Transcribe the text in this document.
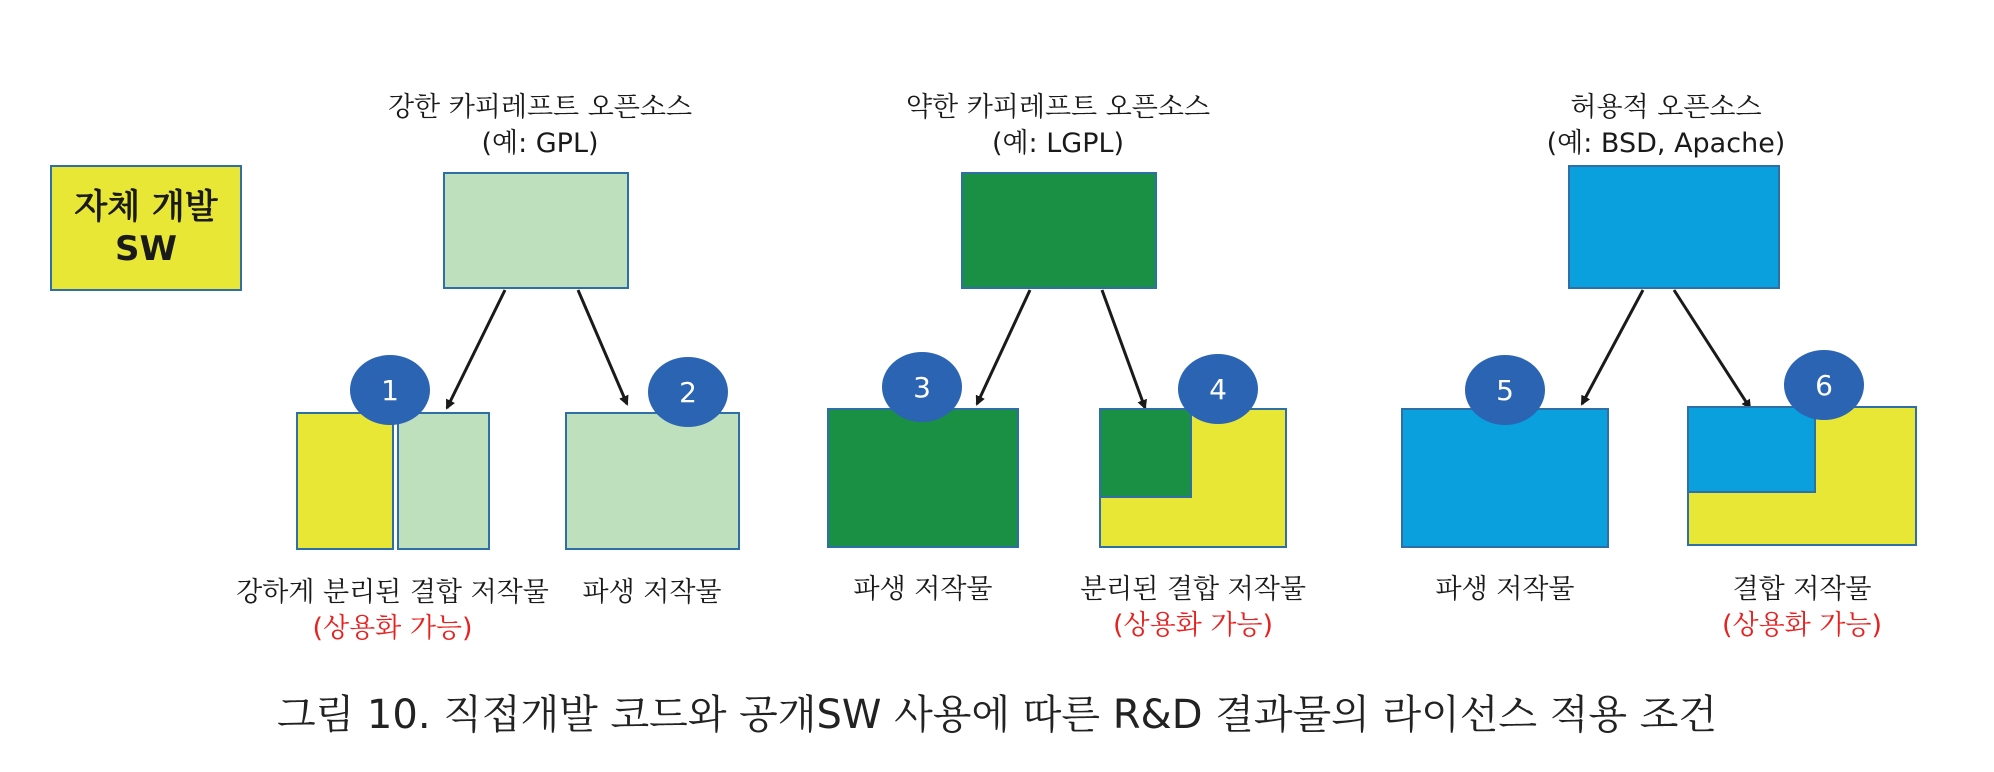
자체 개발
SW
강한 카피레프트 오픈소스
(예: GPL)
약한 카피레프트 오픈소스
(예: LGPL)
허용적 오픈소스
(예: BSD, Apache)
1	2	3	4	5	6
강하게 분리된 결합 저작물
(상용화 가능)
파생 저작물	파생 저작물	분리된 결합 저작물
(상용화 가능)
파생 저작물	결합 저작물
(상용화 가능)
그림 10. 직접개발 코드와 공개SW 사용에 따른 R&D 결과물의 라이선스 적용 조건
